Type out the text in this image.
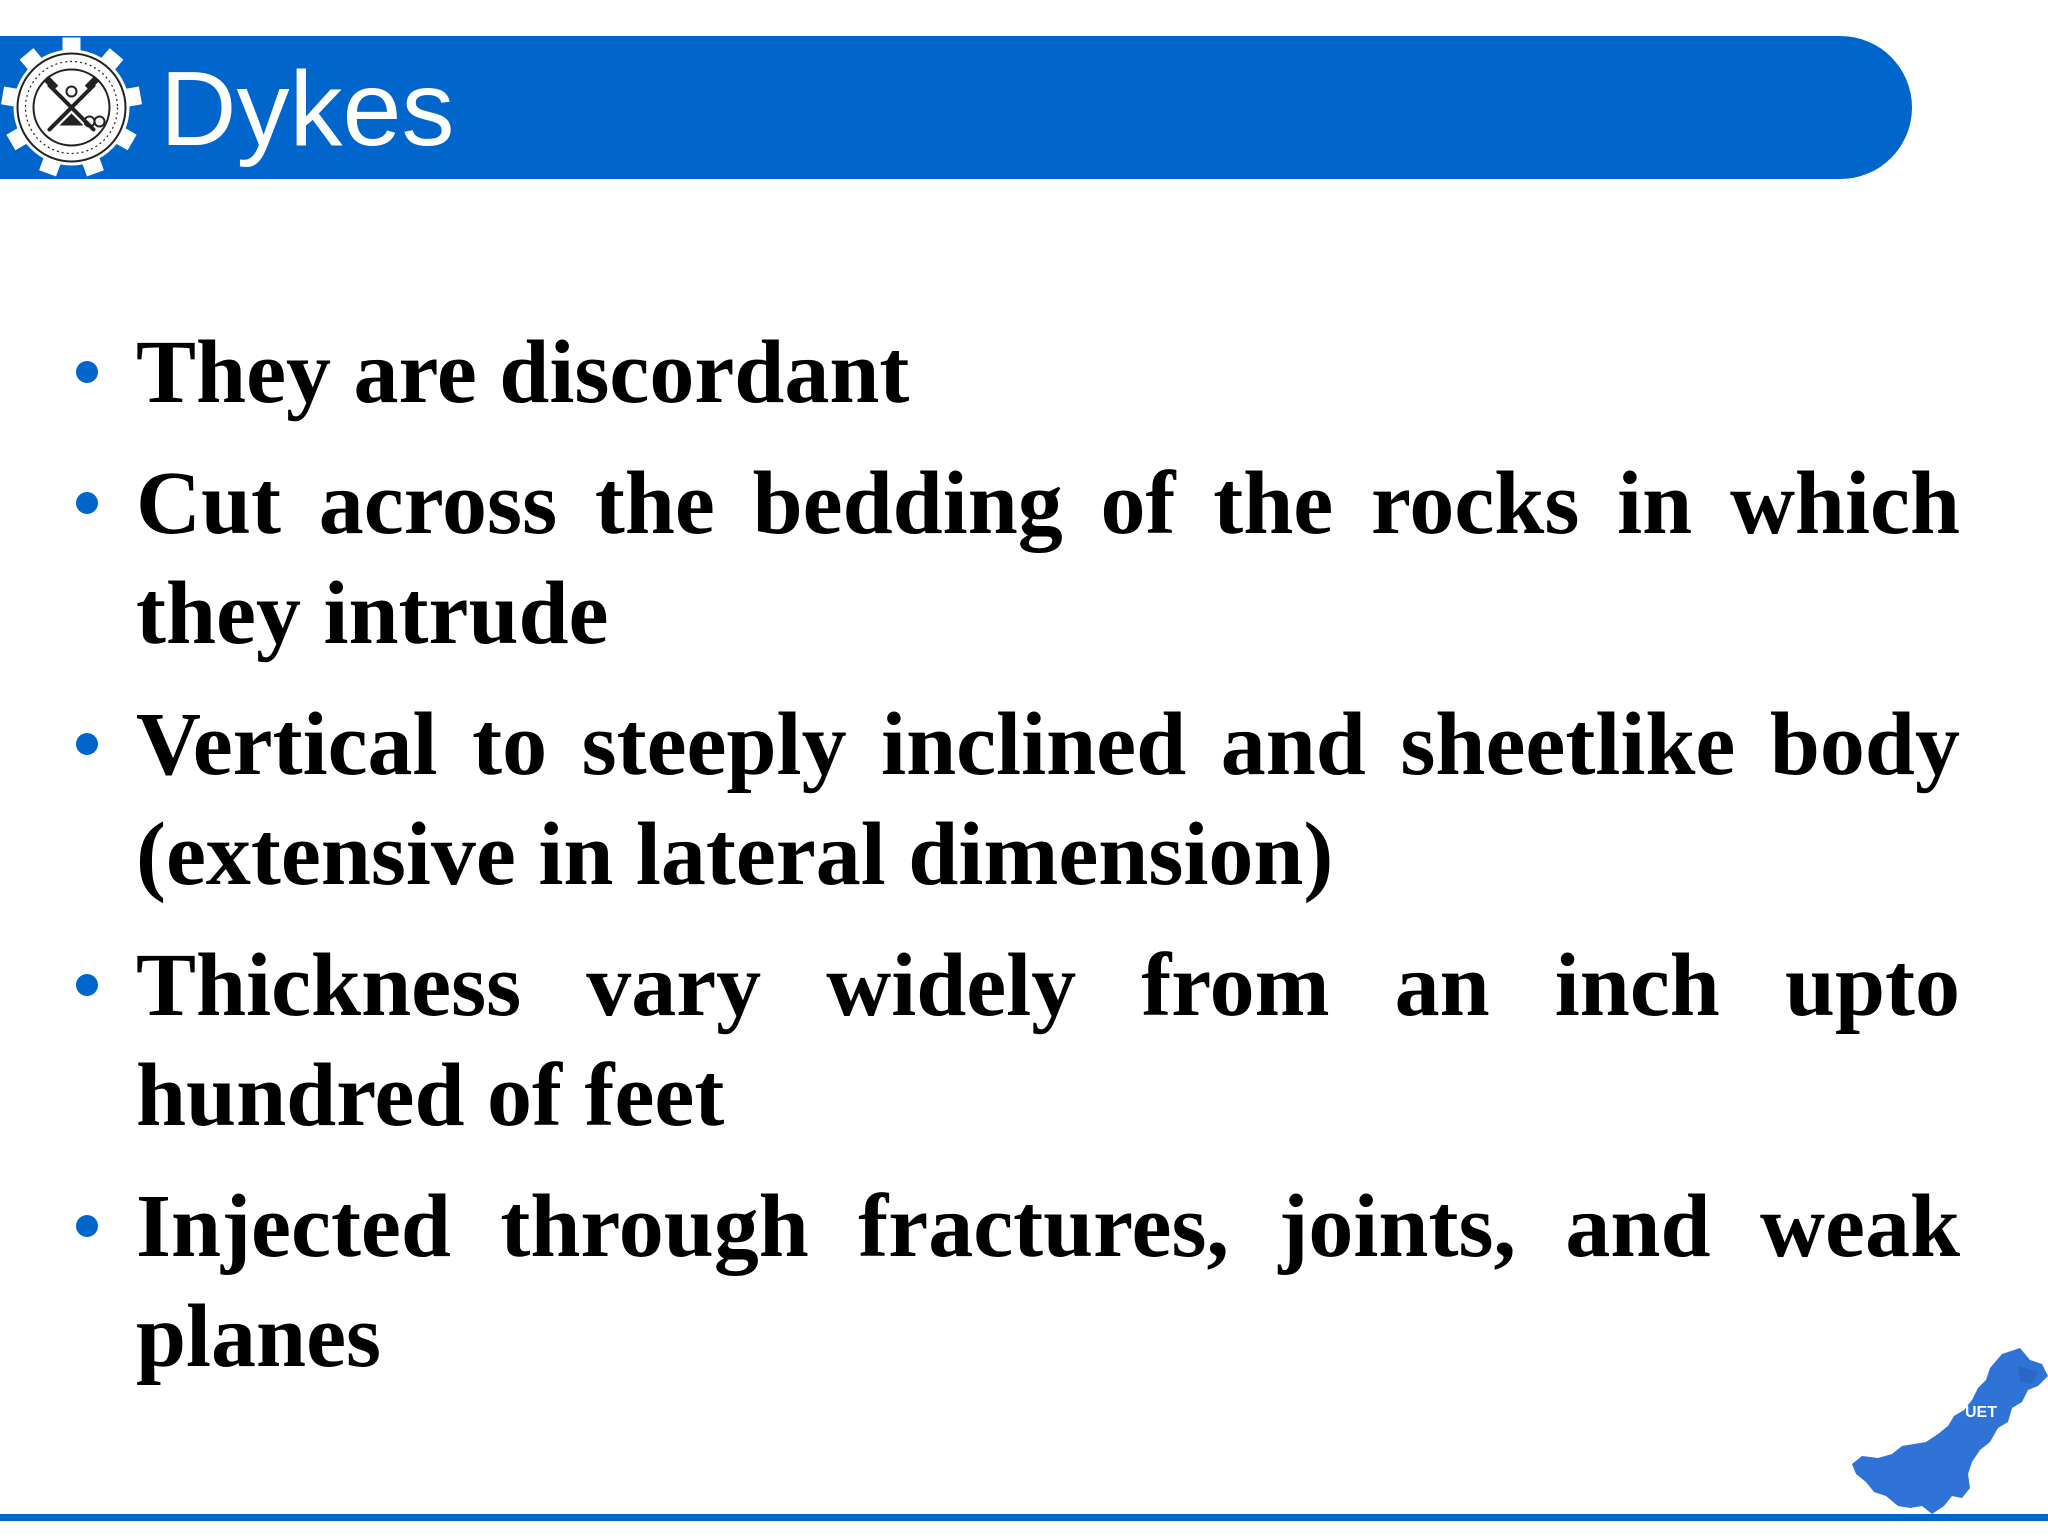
Dykes
They are discordant
Cut across the bedding of the rocks in which they intrude
Vertical to steeply inclined and sheetlike body (extensive in lateral dimension)
Thickness vary widely from an inch upto hundred of feet
Injected through fractures, joints, and weak planes
UET
